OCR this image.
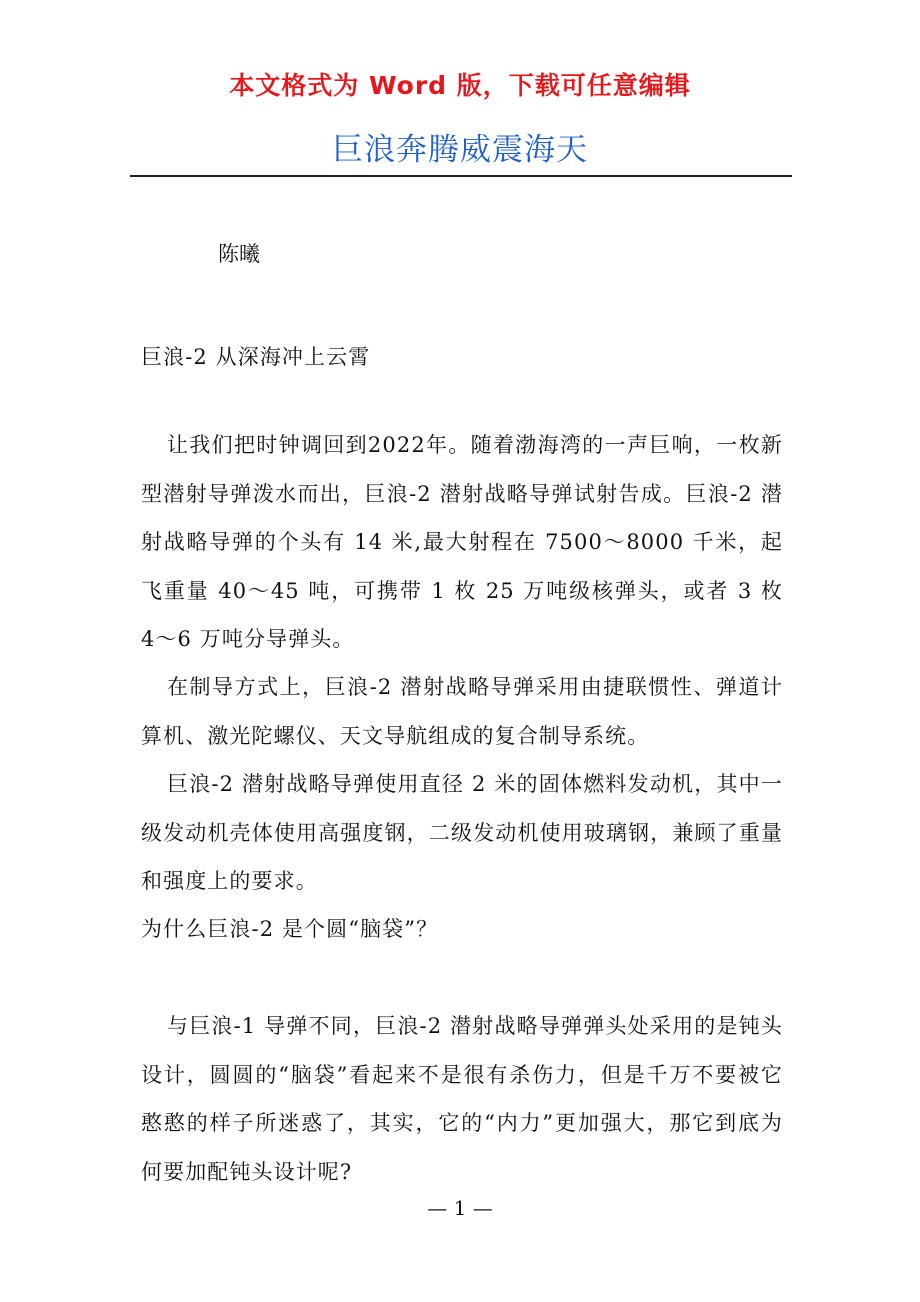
本文格式为 Word 版，下载可任意编辑
巨浪奔腾威震海天
陈曦

巨浪-2 从深海冲上云霄

让我们把时钟调回到2022年。随着渤海湾的一声巨响，一枚新型潜射导弹泼水而出，巨浪-2 潜射战略导弹试射告成。巨浪-2 潜射战略导弹的个头有 14 米,最大射程在 7500～8000 千米，起飞重量 40～45 吨，可携带 1 枚 25 万吨级核弹头，或者 3 枚 4～6 万吨分导弹头。

在制导方式上，巨浪-2 潜射战略导弹采用由捷联惯性、弹道计算机、激光陀螺仪、天文导航组成的复合制导系统。

巨浪-2 潜射战略导弹使用直径 2 米的固体燃料发动机，其中一级发动机壳体使用高强度钢，二级发动机使用玻璃钢，兼顾了重量和强度上的要求。

为什么巨浪-2 是个圆“脑袋”？

与巨浪-1 导弹不同，巨浪-2 潜射战略导弹弹头处采用的是钝头设计，圆圆的“脑袋”看起来不是很有杀伤力，但是千万不要被它憨憨的样子所迷惑了，其实，它的“内力”更加强大，那它到底为何要加配钝头设计呢?

— 1 —
